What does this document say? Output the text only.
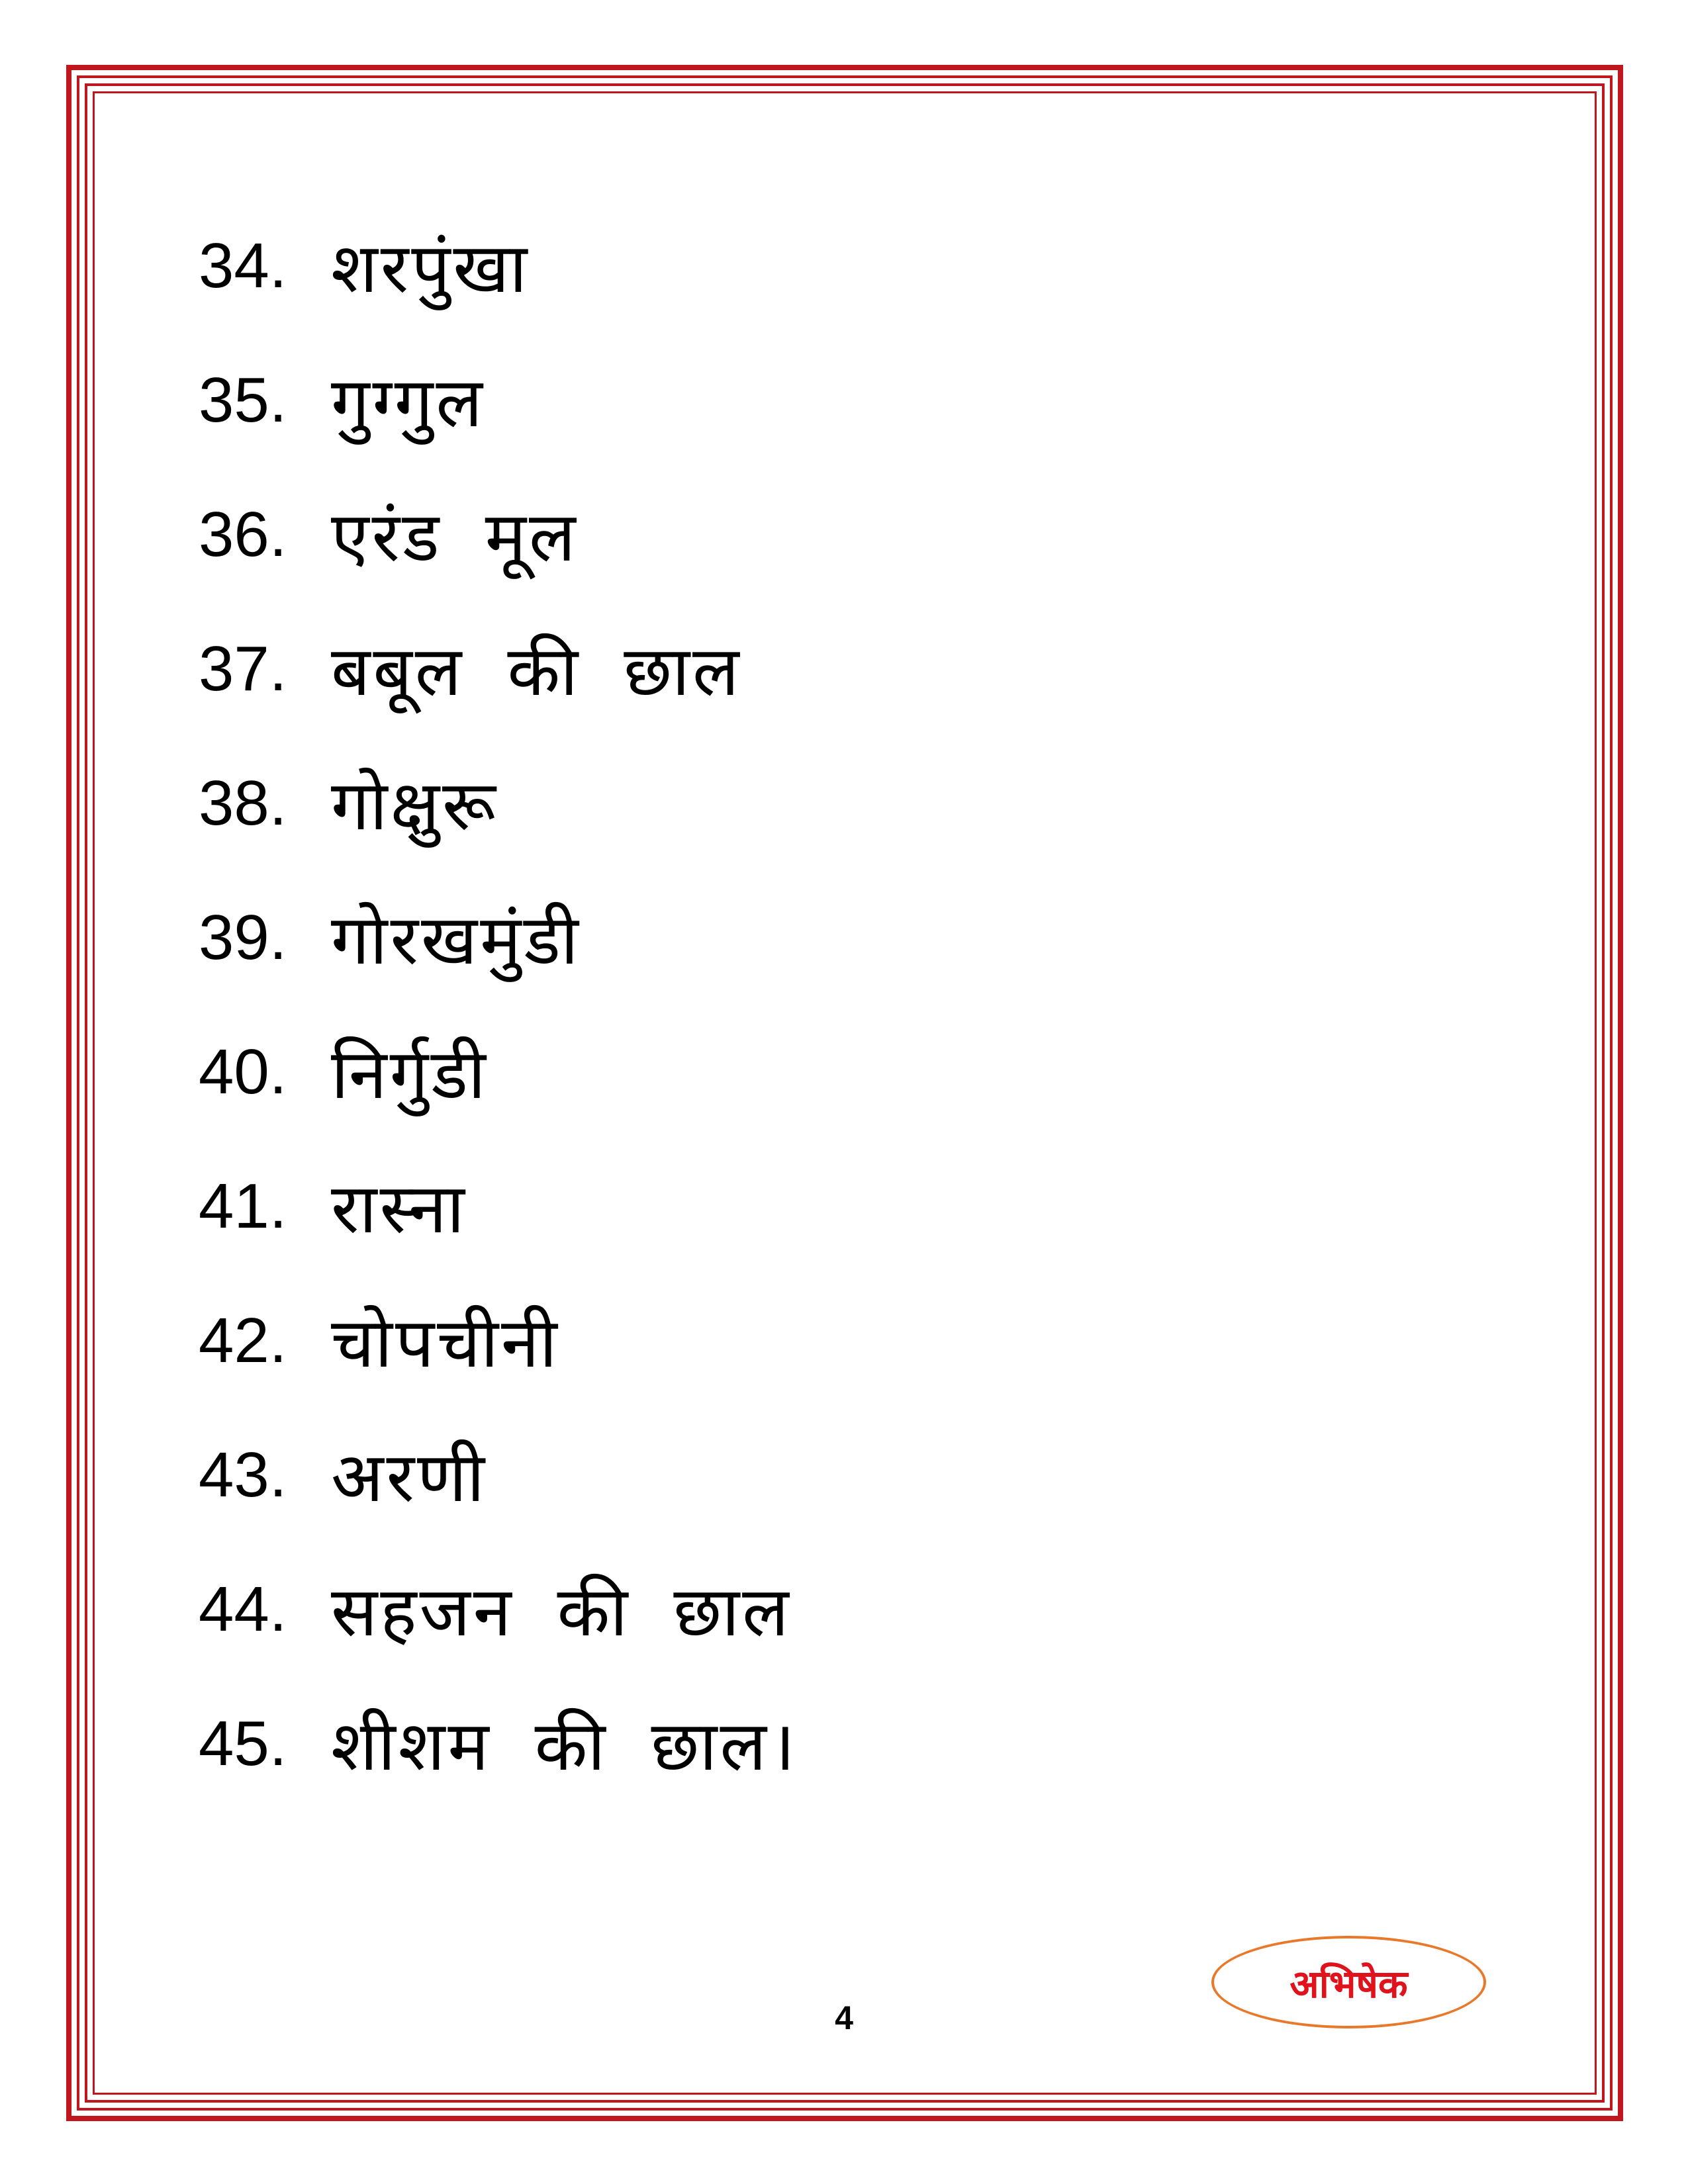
34. शरपुंखा
35. गुग्गुल
36. एरंड मूल
37. बबूल की छाल
38. गोक्षुरू
39. गोरखमुंडी
40. निर्गुडी
41. रास्ना
42. चोपचीनी
43. अरणी
44. सहजन की छाल
45. शीशम की छाल।
4
अभिषेक
